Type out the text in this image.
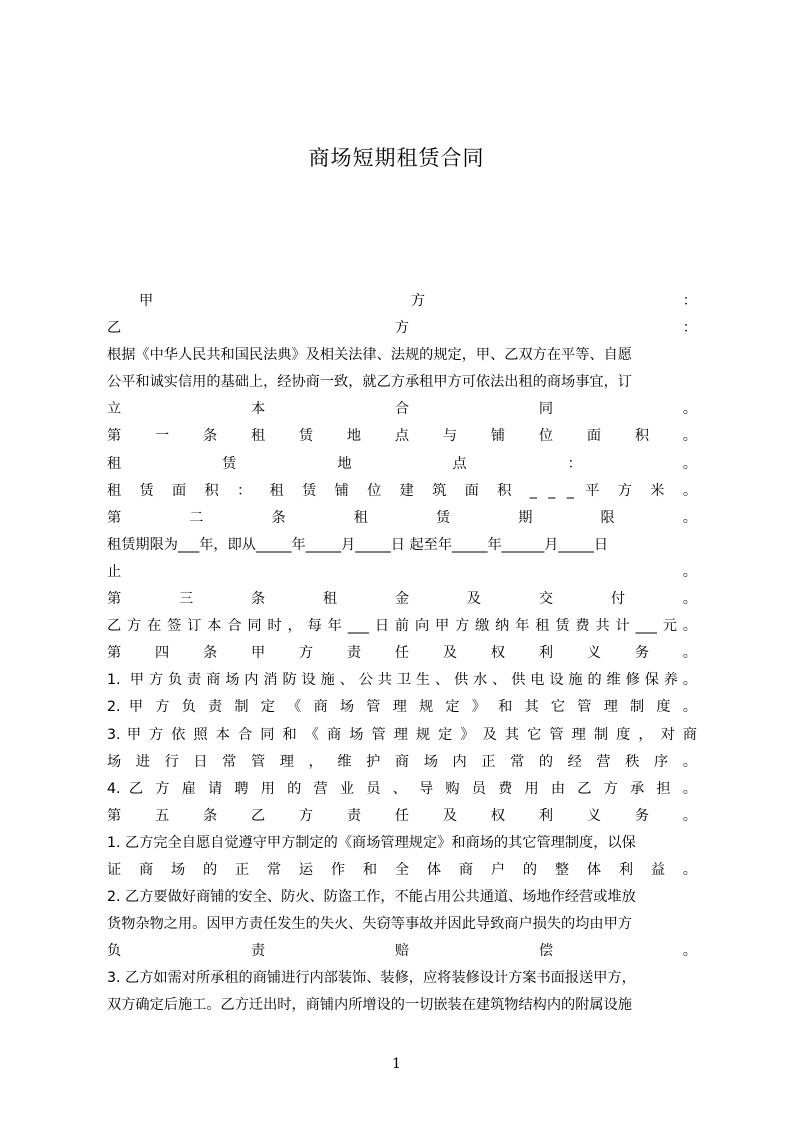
商场短期租赁合同
甲 方 ：
乙 方 ：
根据《中华人民共和国民法典》及相关法律、法规的规定，甲、乙双方在平等、自愿
公平和诚实信用的基础上，经协商一致，就乙方承租甲方可依法出租的商场事宜，订
立 本 合 同 。
第 一 条 租 赁 地 点 与 铺 位 面 积 。
租 赁 地 点 ： 。
租 赁 面 积 ： 租 赁 铺 位 建 筑 面 积 _ _ _ 平 方 米 。
第 二 条 租 赁 期 限 。
租赁期限为___年，即从_____年_____月_____日 起至年_____年______月_____日
止 。
第 三 条 租 金 及 交 付 。
乙方在签订本合同时，每年___日前向甲方缴纳年租赁费共计___元。
第 四 条 甲 方 责 任 及 权 利 义 务 。
1. 甲方负责商场内消防设施、公共卫生、供水、供电设施的维修保养。
2. 甲 方 负 责 制 定 《 商 场 管 理 规 定 》 和 其 它 管 理 制 度 。
3. 甲 方 依 照 本 合 同 和 《 商 场 管 理 规 定 》 及 其 它 管 理 制 度 ， 对 商
场 进 行 日 常 管 理 ， 维 护 商 场 内 正 常 的 经 营 秩 序 。
4. 乙 方 雇 请 聘 用 的 营 业 员 、 导 购 员 费 用 由 乙 方 承 担 。
第 五 条 乙 方 责 任 及 权 利 义 务 。
1. 乙方完全自愿自觉遵守甲方制定的《商场管理规定》和商场的其它管理制度，以保
证 商 场 的 正 常 运 作 和 全 体 商 户 的 整 体 利 益 。
2. 乙方要做好商铺的安全、防火、防盗工作，不能占用公共通道、场地作经营或堆放
货物杂物之用。因甲方责任发生的失火、失窃等事故并因此导致商户损失的均由甲方
负 责 赔 偿 。
3. 乙方如需对所承租的商铺进行内部装饰、装修，应将装修设计方案书面报送甲方，
双方确定后施工。乙方迁出时，商铺内所增设的一切嵌装在建筑物结构内的附属设施
1
